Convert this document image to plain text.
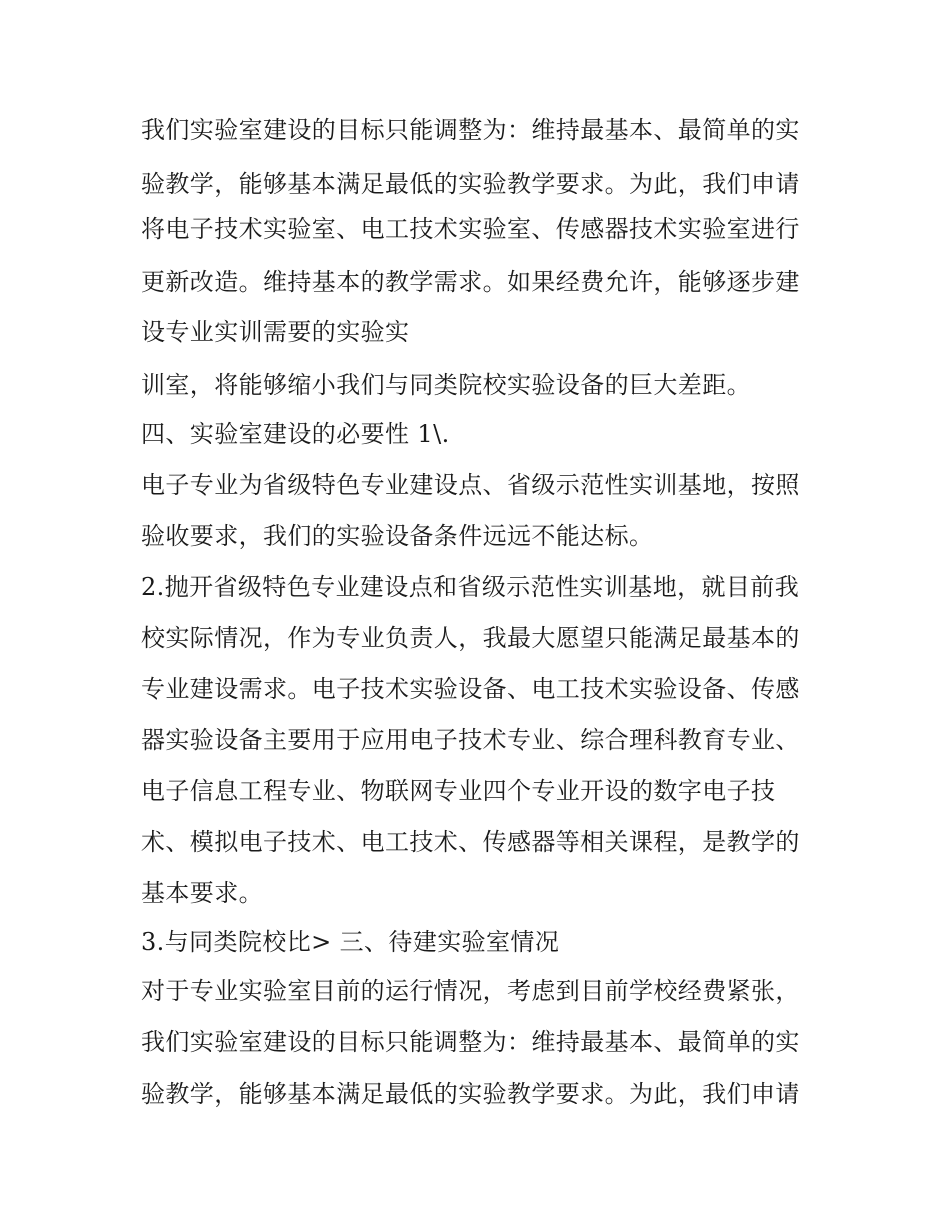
我们实验室建设的目标只能调整为：维持最基本、最简单的实
验教学，能够基本满足最低的实验教学要求。为此，我们申请
将电子技术实验室、电工技术实验室、传感器技术实验室进行
更新改造。维持基本的教学需求。如果经费允许，能够逐步建
设专业实训需要的实验实
训室，将能够缩小我们与同类院校实验设备的巨大差距。
四、实验室建设的必要性 1\.
电子专业为省级特色专业建设点、省级示范性实训基地，按照
验收要求，我们的实验设备条件远远不能达标。
2.抛开省级特色专业建设点和省级示范性实训基地，就目前我
校实际情况，作为专业负责人，我最大愿望只能满足最基本的
专业建设需求。电子技术实验设备、电工技术实验设备、传感
器实验设备主要用于应用电子技术专业、综合理科教育专业、
电子信息工程专业、物联网专业四个专业开设的数字电子技
术、模拟电子技术、电工技术、传感器等相关课程，是教学的
基本要求。
3.与同类院校比> 三、待建实验室情况
对于专业实验室目前的运行情况，考虑到目前学校经费紧张，
我们实验室建设的目标只能调整为：维持最基本、最简单的实
验教学，能够基本满足最低的实验教学要求。为此，我们申请
